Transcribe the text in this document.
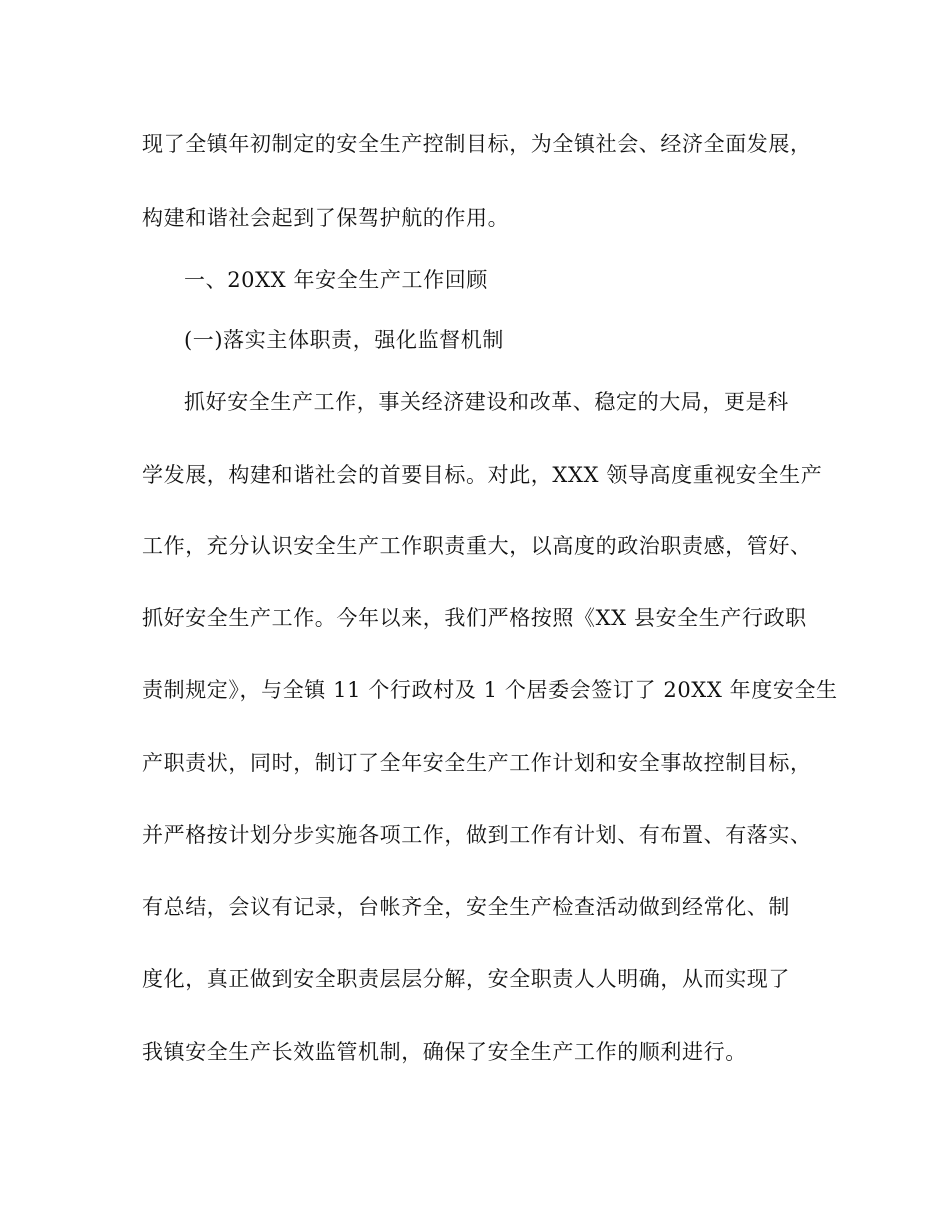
现了全镇年初制定的安全生产控制目标，为全镇社会、经济全面发展，
构建和谐社会起到了保驾护航的作用。
一、20XX 年安全生产工作回顾
(一)落实主体职责，强化监督机制
抓好安全生产工作，事关经济建设和改革、稳定的大局，更是科
学发展，构建和谐社会的首要目标。对此，XXX 领导高度重视安全生产
工作，充分认识安全生产工作职责重大，以高度的政治职责感，管好、
抓好安全生产工作。今年以来，我们严格按照《XX 县安全生产行政职
责制规定》，与全镇 11 个行政村及 1 个居委会签订了 20XX 年度安全生
产职责状，同时，制订了全年安全生产工作计划和安全事故控制目标，
并严格按计划分步实施各项工作，做到工作有计划、有布置、有落实、
有总结，会议有记录，台帐齐全，安全生产检查活动做到经常化、制
度化，真正做到安全职责层层分解，安全职责人人明确，从而实现了
我镇安全生产长效监管机制，确保了安全生产工作的顺利进行。
